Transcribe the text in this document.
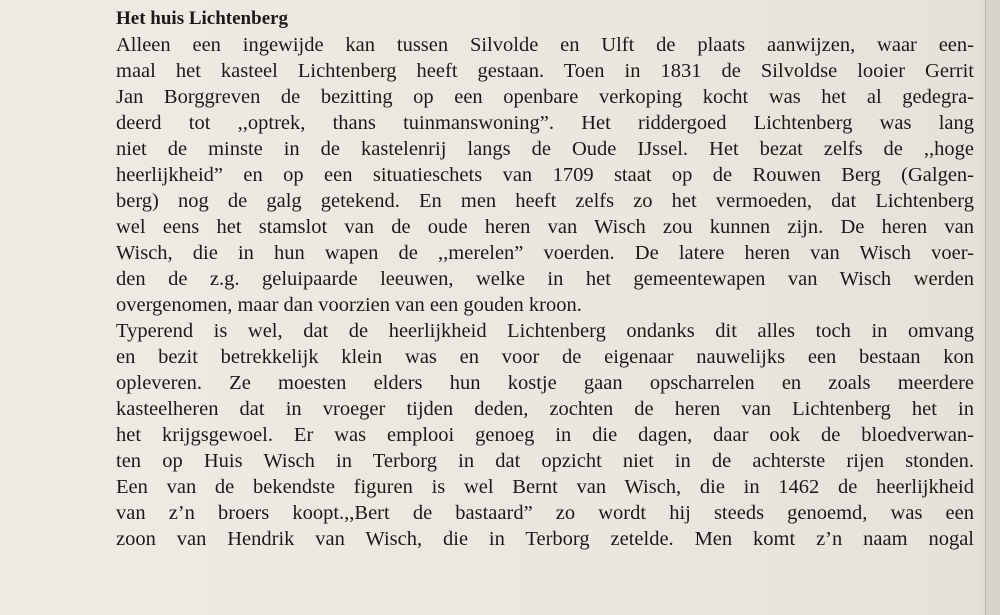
Het huis Lichtenberg
Alleen een ingewijde kan tussen Silvolde en Ulft de plaats aanwijzen, waar een-
maal het kasteel Lichtenberg heeft gestaan. Toen in 1831 de Silvoldse looier Gerrit
Jan Borggreven de bezitting op een openbare verkoping kocht was het al gedegra-
deerd tot ,,optrek, thans tuinmanswoning”. Het riddergoed Lichtenberg was lang
niet de minste in de kastelenrij langs de Oude IJssel. Het bezat zelfs de ,,hoge
heerlijkheid” en op een situatieschets van 1709 staat op de Rouwen Berg (Galgen-
berg) nog de galg getekend. En men heeft zelfs zo het vermoeden, dat Lichtenberg
wel eens het stamslot van de oude heren van Wisch zou kunnen zijn. De heren van
Wisch, die in hun wapen de ,,merelen” voerden. De latere heren van Wisch voer-
den de z.g. geluipaarde leeuwen, welke in het gemeentewapen van Wisch werden
overgenomen, maar dan voorzien van een gouden kroon.
Typerend is wel, dat de heerlijkheid Lichtenberg ondanks dit alles toch in omvang
en bezit betrekkelijk klein was en voor de eigenaar nauwelijks een bestaan kon
opleveren. Ze moesten elders hun kostje gaan opscharrelen en zoals meerdere
kasteelheren dat in vroeger tijden deden, zochten de heren van Lichtenberg het in
het krijgsgewoel. Er was emplooi genoeg in die dagen, daar ook de bloedverwan-
ten op Huis Wisch in Terborg in dat opzicht niet in de achterste rijen stonden.
Een van de bekendste figuren is wel Bernt van Wisch, die in 1462 de heerlijkheid
van z’n broers koopt.,,Bert de bastaard” zo wordt hij steeds genoemd, was een
zoon van Hendrik van Wisch, die in Terborg zetelde. Men komt z’n naam nogal
